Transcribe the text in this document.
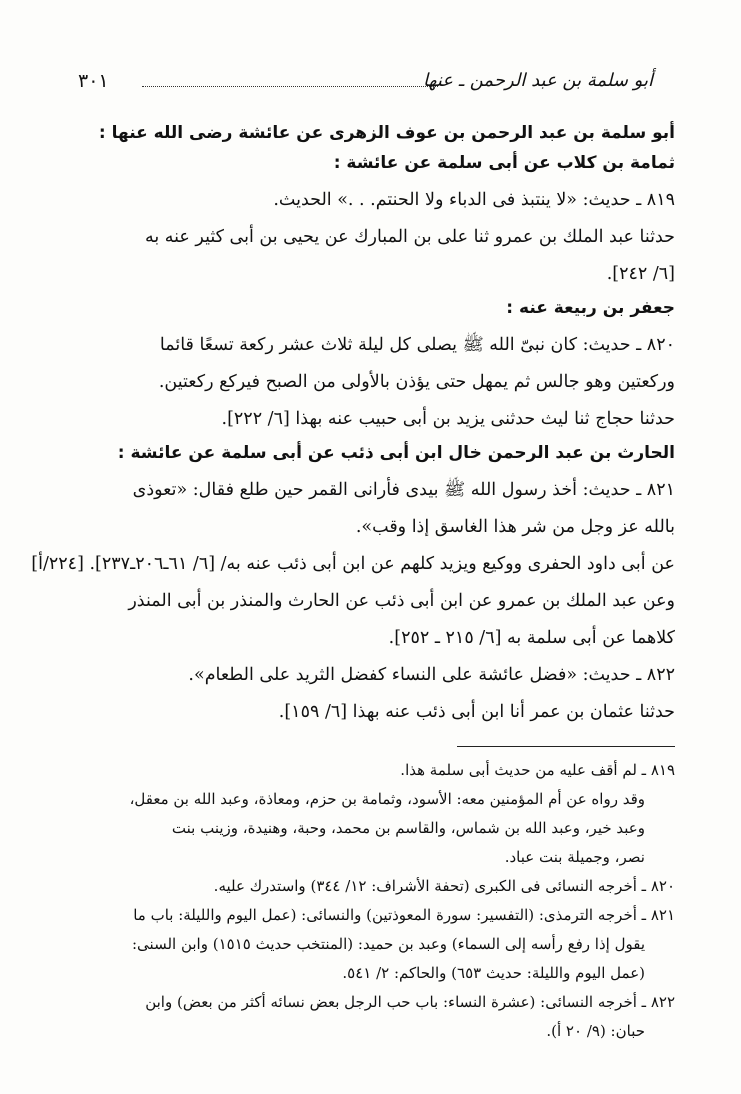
أبو سلمة بن عبد الرحمن ـ عنها
٣٠١
أبو سلمة بن عبد الرحمن بن عوف الزهرى عن عائشة رضى الله عنها :
ثمامة بن كلاب عن أبى سلمة عن عائشة :
٨١٩ ـ حديث: «لا ينتبذ فى الدباء ولا الحنتم. . .» الحديث.
حدثنا عبد الملك بن عمرو ثنا على بن المبارك عن يحيى بن أبى كثير عنه به
[٦/ ٢٤٢].
جعفر بن ربيعة عنه :
٨٢٠ ـ حديث: كان نبىّ الله ﷺ يصلى كل ليلة ثلاث عشر ركعة تسعًا قائما
وركعتين وهو جالس ثم يمهل حتى يؤذن بالأولى من الصبح فيركع ركعتين.
حدثنا حجاج ثنا ليث حدثنى يزيد بن أبى حبيب عنه بهذا [٦/ ٢٢٢].
الحارث بن عبد الرحمن خال ابن أبى ذئب عن أبى سلمة عن عائشة :
٨٢١ ـ حديث: أخذ رسول الله ﷺ بيدى فأرانى القمر حين طلع فقال: «تعوذى
بالله عز وجل من شر هذا الغاسق إذا وقب».
عن أبى داود الحفرى ووكيع ويزيد كلهم عن ابن أبى ذئب عنه به/ [٦/ ٦١ـ٢٠٦ـ٢٣٧]. [٢٢٤/أ]
وعن عبد الملك بن عمرو عن ابن أبى ذئب عن الحارث والمنذر بن أبى المنذر
كلاهما عن أبى سلمة به [٦/ ٢١٥ ـ ٢٥٢].
٨٢٢ ـ حديث: «فضل عائشة على النساء كفضل الثريد على الطعام».
حدثنا عثمان بن عمر أنا ابن أبى ذئب عنه بهذا [٦/ ١٥٩].
٨١٩ ـ لم أقف عليه من حديث أبى سلمة هذا.
وقد رواه عن أم المؤمنين معه: الأسود، وثمامة بن حزم، ومعاذة، وعبد الله بن معقل،
وعبد خير، وعبد الله بن شماس، والقاسم بن محمد، وحبة، وهنيدة، وزينب بنت
نصر، وجميلة بنت عباد.
٨٢٠ ـ أخرجه النسائى فى الكبرى (تحفة الأشراف: ١٢/ ٣٤٤) واستدرك عليه.
٨٢١ ـ أخرجه الترمذى: (التفسير: سورة المعوذتين) والنسائى: (عمل اليوم والليلة: باب ما
يقول إذا رفع رأسه إلى السماء) وعبد بن حميد: (المنتخب حديث ١٥١٥) وابن السنى:
(عمل اليوم والليلة: حديث ٦٥٣) والحاكم: ٢/ ٥٤١.
٨٢٢ ـ أخرجه النسائى: (عشرة النساء: باب حب الرجل بعض نسائه أكثر من بعض) وابن
حبان: (٩/ ٢٠ أ).
